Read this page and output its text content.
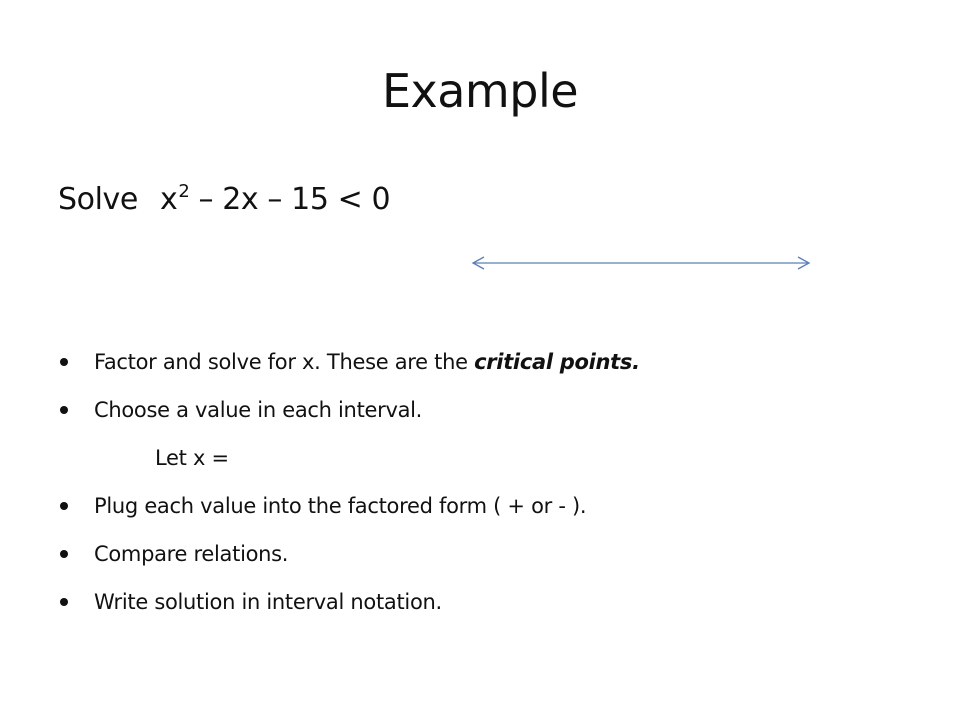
Example
Solve $x^2 - 2x - 15 < 0$
Factor and solve for x. These are the critical points.
Choose a value in each interval.
Let x =
Plug each value into the factored form ( + or - ).
Compare relations.
Write solution in interval notation.
